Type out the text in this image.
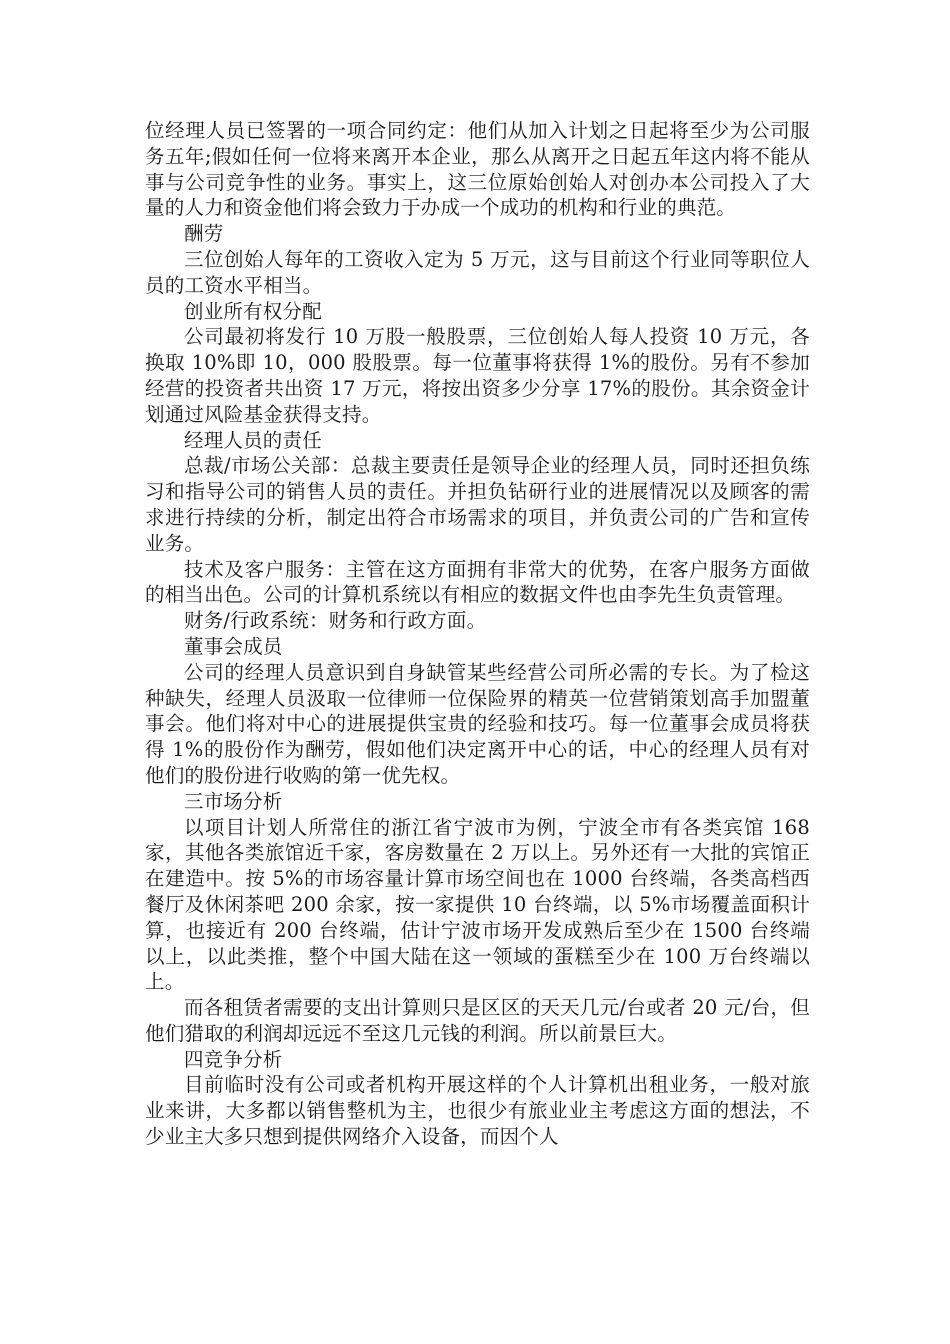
位经理人员已签署的一项合同约定：他们从加入计划之日起将至少为公司服务五年;假如任何一位将来离开本企业，那么从离开之日起五年这内将不能从事与公司竞争性的业务。事实上，这三位原始创始人对创办本公司投入了大量的人力和资金他们将会致力于办成一个成功的机构和行业的典范。

酬劳

三位创始人每年的工资收入定为 5 万元，这与目前这个行业同等职位人员的工资水平相当。

创业所有权分配

公司最初将发行 10 万股一般股票，三位创始人每人投资 10 万元，各换取 10%即 10，000 股股票。每一位董事将获得 1%的股份。另有不参加经营的投资者共出资 17 万元，将按出资多少分享 17%的股份。其余资金计划通过风险基金获得支持。

经理人员的责任

总裁/市场公关部：总裁主要责任是领导企业的经理人员，同时还担负练习和指导公司的销售人员的责任。并担负钻研行业的进展情况以及顾客的需求进行持续的分析，制定出符合市场需求的项目，并负责公司的广告和宣传业务。

技术及客户服务：主管在这方面拥有非常大的优势，在客户服务方面做的相当出色。公司的计算机系统以有相应的数据文件也由李先生负责管理。

财务/行政系统：财务和行政方面。

董事会成员

公司的经理人员意识到自身缺管某些经营公司所必需的专长。为了检这种缺失，经理人员汲取一位律师一位保险界的精英一位营销策划高手加盟董事会。他们将对中心的进展提供宝贵的经验和技巧。每一位董事会成员将获得 1%的股份作为酬劳，假如他们决定离开中心的话，中心的经理人员有对他们的股份进行收购的第一优先权。

三市场分析

以项目计划人所常住的浙江省宁波市为例，宁波全市有各类宾馆 168 家，其他各类旅馆近千家，客房数量在 2 万以上。另外还有一大批的宾馆正在建造中。按 5%的市场容量计算市场空间也在 1000 台终端，各类高档西餐厅及休闲茶吧 200 余家，按一家提供 10 台终端，以 5%市场覆盖面积计算，也接近有 200 台终端，估计宁波市场开发成熟后至少在 1500 台终端以上，以此类推，整个中国大陆在这一领域的蛋糕至少在 100 万台终端以上。

而各租赁者需要的支出计算则只是区区的天天几元/台或者 20 元/台，但他们猎取的利润却远远不至这几元钱的利润。所以前景巨大。

四竞争分析

目前临时没有公司或者机构开展这样的个人计算机出租业务，一般对旅业来讲，大多都以销售整机为主，也很少有旅业业主考虑这方面的想法，不少业主大多只想到提供网络介入设备，而因个人
